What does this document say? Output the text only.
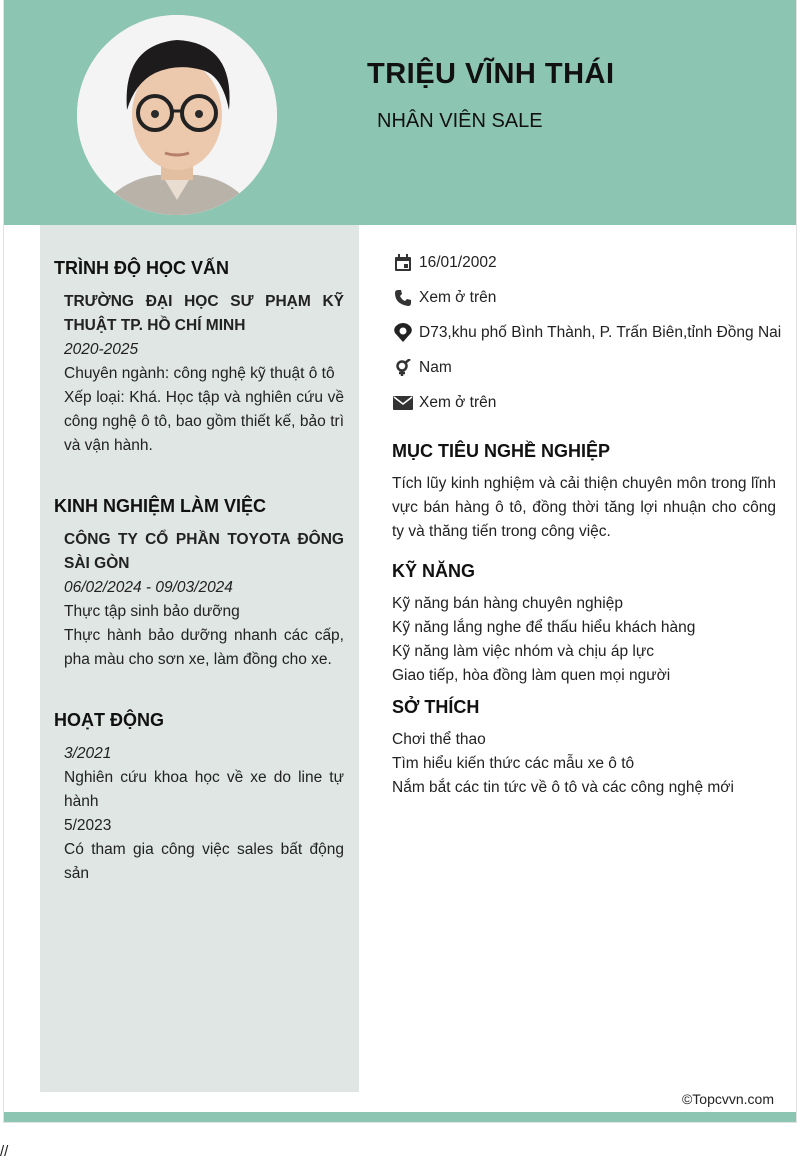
TRIỆU VĨNH THÁI
NHÂN VIÊN SALE
TRÌNH ĐỘ HỌC VẤN
TRƯỜNG ĐẠI HỌC SƯ PHẠM KỸ THUẬT TP. HỒ CHÍ MINH
2020-2025
Chuyên ngành: công nghệ kỹ thuật ô tô
Xếp loại: Khá. Học tập và nghiên cứu về công nghệ ô tô, bao gồm thiết kế, bảo trì và vận hành.
KINH NGHIỆM LÀM VIỆC
CÔNG TY CỔ PHẦN TOYOTA ĐÔNG SÀI GÒN
06/02/2024 - 09/03/2024
Thực tập sinh bảo dưỡng
Thực hành bảo dưỡng nhanh các cấp, pha màu cho sơn xe, làm đồng cho xe.
HOẠT ĐỘNG
3/2021
Nghiên cứu khoa học về xe do line tự hành
5/2023
Có tham gia công việc sales bất động sản
16/01/2002
Xem ở trên
D73,khu phố Bình Thành, P. Trấn Biên,tỉnh Đồng Nai
Nam
Xem ở trên
MỤC TIÊU NGHỀ NGHIỆP
Tích lũy kinh nghiệm và cải thiện chuyên môn trong lĩnh vực bán hàng ô tô, đồng thời tăng lợi nhuận cho công ty và thăng tiến trong công việc.
KỸ NĂNG
Kỹ năng bán hàng chuyên nghiệp
Kỹ năng lắng nghe để thấu hiểu khách hàng
Kỹ năng làm việc nhóm và chịu áp lực
Giao tiếp, hòa đồng làm quen mọi người
SỞ THÍCH
Chơi thể thao
Tìm hiểu kiến thức các mẫu xe ô tô
Nắm bắt các tin tức về ô tô và các công nghệ mới
©Topcvvn.com
//
